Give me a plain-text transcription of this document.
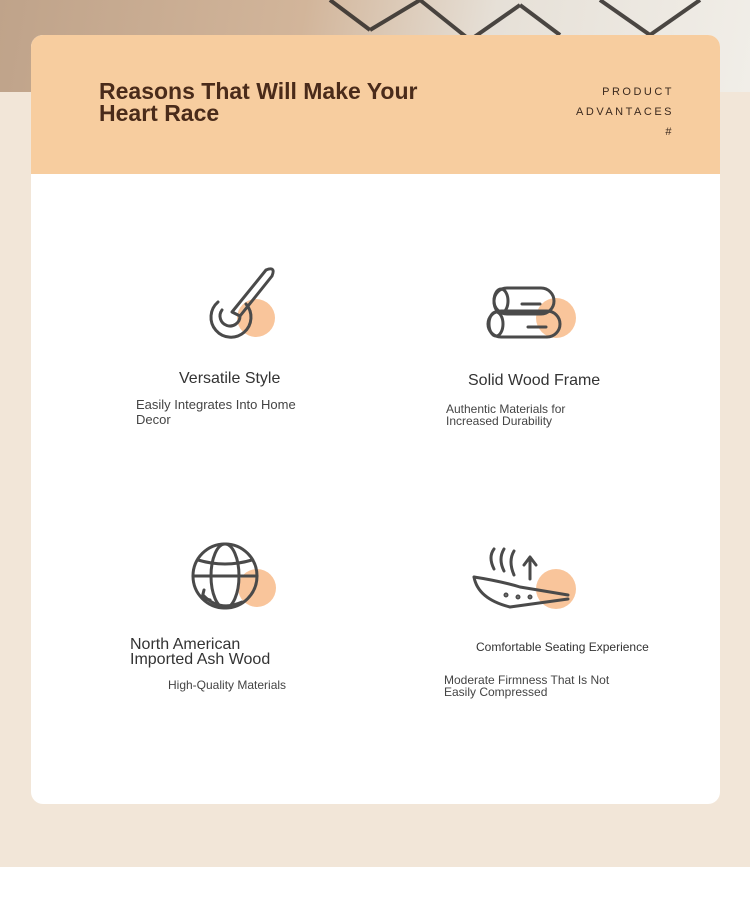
Reasons That Will Make Your Heart Race
PRODUCT
ADVANTACES
#
Versatile Style
Easily Integrates Into Home Decor
Solid Wood Frame
Authentic Materials for Increased Durability
North American Imported Ash Wood
High-Quality Materials
Comfortable Seating Experience
Moderate Firmness That Is Not Easily Compressed
